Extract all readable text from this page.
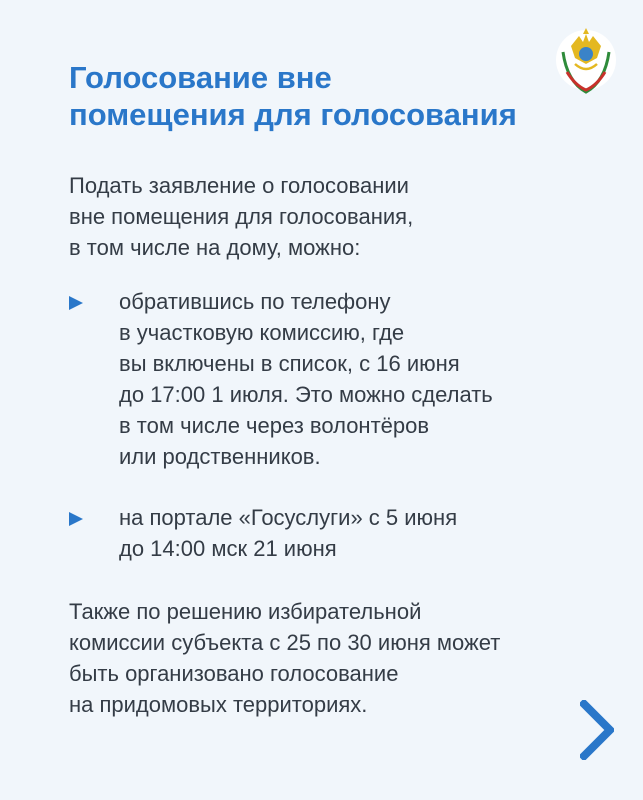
Голосование вне
помещения для голосования

Подать заявление о голосовании
вне помещения для голосования,
в том числе на дому, можно:

обратившись по телефону
в участковую комиссию, где
вы включены в список, с 16 июня
до 17:00 1 июля. Это можно сделать
в том числе через волонтёров
или родственников.
на портале «Госуслуги» с 5 июня
до 14:00 мск 21 июня

Также по решению избирательной
комиссии субъекта с 25 по 30 июня может
быть организовано голосование
на придомовых территориях.
